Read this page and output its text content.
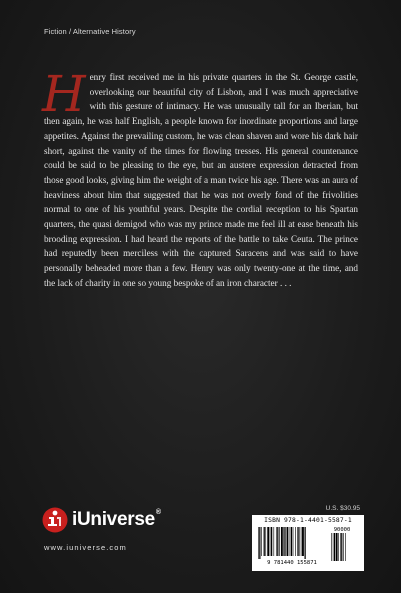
Fiction / Alternative History
H enry first received me in his private quarters in the St. George castle, overlooking our beautiful city of Lisbon, and I was much appreciative with this gesture of intimacy. He was unusually tall for an Iberian, but then again, he was half English, a people known for inordinate proportions and large appetites. Against the prevailing custom, he was clean shaven and wore his dark hair short, against the vanity of the times for flowing tresses. His general countenance could be said to be pleasing to the eye, but an austere expression detracted from those good looks, giving him the weight of a man twice his age. There was an aura of heaviness about him that suggested that he was not overly fond of the frivolities normal to one of his youthful years. Despite the cordial reception to his Spartan quarters, the quasi demigod who was my prince made me feel ill at ease beneath his brooding expression. I had heard the reports of the battle to take Ceuta. The prince had reputedly been merciless with the captured Saracens and was said to have personally beheaded more than a few. Henry was only twenty-one at the time, and the lack of charity in one so young bespoke of an iron character . . .
U.S. $30.95
iUniverse®
www.iuniverse.com
ISBN 978-1-4401-5587-1
90000
9 781440 155871
